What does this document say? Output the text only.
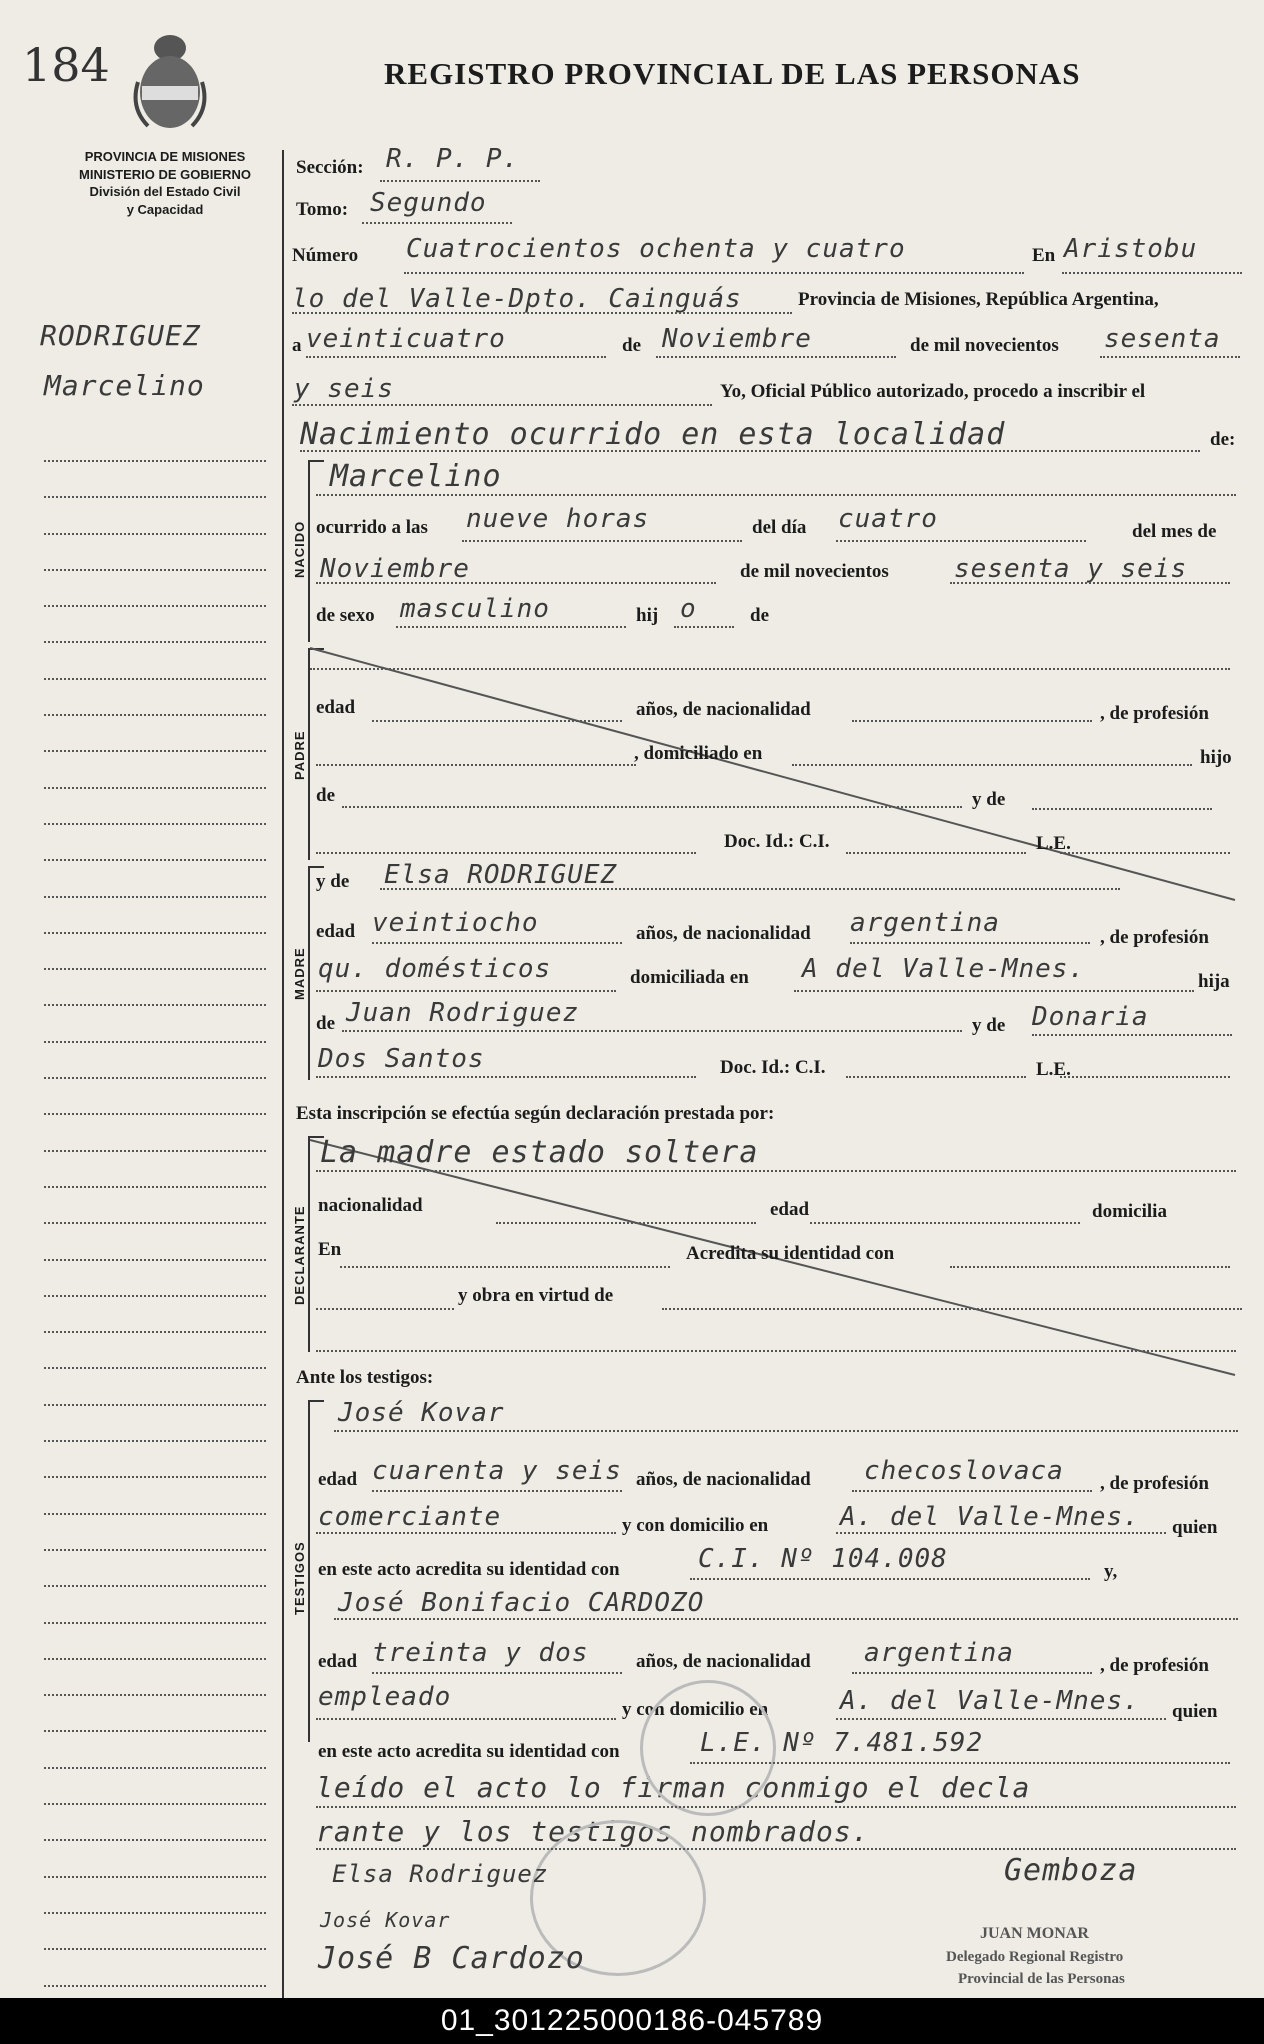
184	REGISTRO PROVINCIAL DE LAS PERSONAS
PROVINCIA DE MISIONES
MINISTERIO DE GOBIERNO
División del Estado Civil
y Capacidad
RODRIGUEZ
Marcelino
NACIDO
PADRE
MADRE
DECLARANTE
TESTIGOS
Sección: R. P. P.
Tomo: Segundo
Número Cuatrocientos ochenta y cuatro	En Aristobu
lo del Valle-Dpto. Cainguás	Provincia de Misiones, República Argentina,
a veinticuatro	de Noviembre	de mil novecientos sesenta
y seis	Yo, Oficial Público autorizado, procedo a inscribir el
Nacimiento ocurrido en esta localidad	de:
Marcelino
ocurrido a las nueve horas	del día cuatro	del mes de
Noviembre	de mil novecientos	sesenta y seis
de sexo masculino	hij o	de
edad	años, de nacionalidad	, de profesión
, domiciliado en	hijo
de	y de
Doc. Id.: C.I.	L.E.
y de Elsa RODRIGUEZ
edad veintiocho	años, de nacionalidad argentina	, de profesión
qu. domésticos	domiciliada en A del Valle-Mnes.	hija
de Juan Rodriguez	y de Donaria
Dos Santos	Doc. Id.: C.I.	L.E.
Esta inscripción se efectúa según declaración prestada por:
La madre estado soltera
nacionalidad	edad	domicilia
En	Acredita su identidad con
y obra en virtud de
Ante los testigos:
José Kovar
edad cuarenta y seis años, de nacionalidad checoslovaca , de profesión
comerciante	y con domicilio en	A. del Valle-Mnes. quien
en este acto acredita su identidad con	C.I. Nº 104.008	y,
José Bonifacio CARDOZO
edad treinta y dos	años, de nacionalidad argentina	, de profesión
empleado	y con domicilio en	A. del Valle-Mnes. quien
en este acto acredita su identidad con	L.E. Nº 7.481.592
leído el acto lo firman conmigo el decla
rante y los testigos nombrados.
Elsa Rodriguez
José Kovar
José B Cardozo
Gemboza
JUAN MONAR
Delegado Regional Registro
Provincial de las Personas
01_301225000186-045789
